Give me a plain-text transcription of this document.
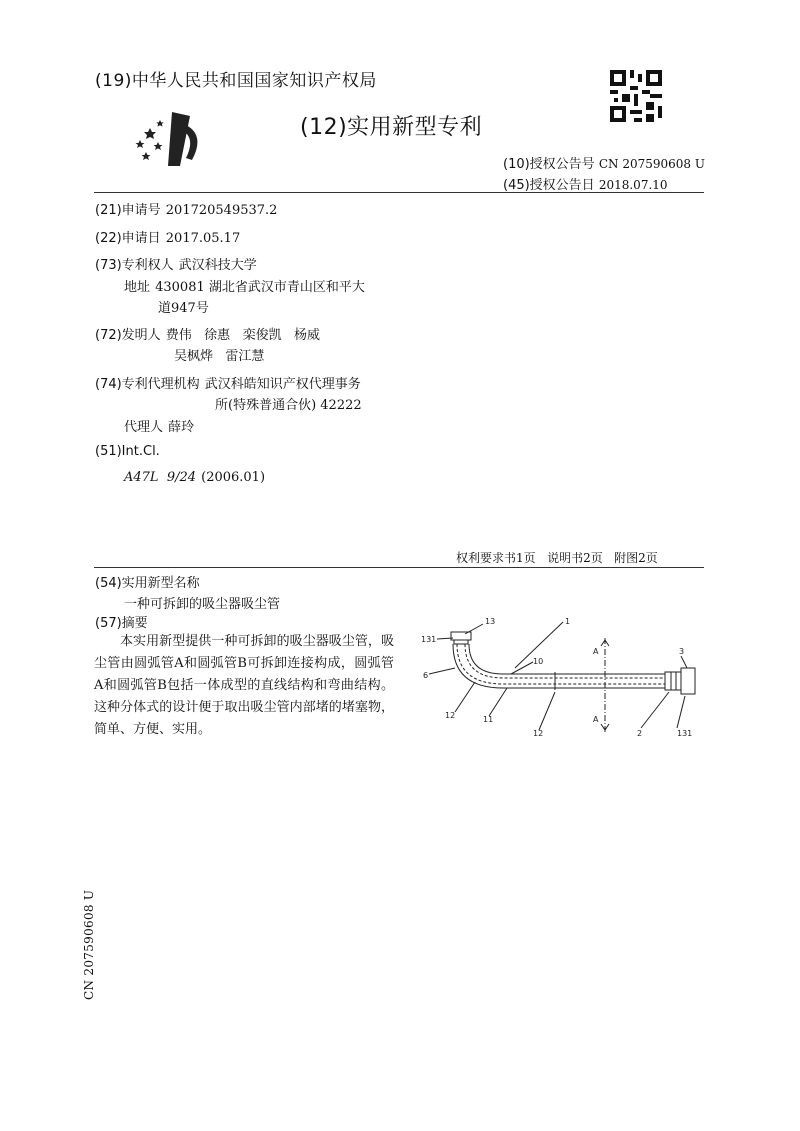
(19)中华人民共和国国家知识产权局
(12)实用新型专利
(10)授权公告号 CN 207590608 U
(45)授权公告日 2018.07.10
(21)申请号 201720549537.2
(22)申请日 2017.05.17
(73)专利权人 武汉科技大学
地址 430081 湖北省武汉市青山区和平大
道947号
(72)发明人 费伟   徐惠   栾俊凯   杨威
吴枫烨   雷江慧
(74)专利代理机构 武汉科皓知识产权代理事务
所(特殊普通合伙) 42222
代理人 薛玲
(51)Int.Cl.
A47L  9/24 (2006.01)
权利要求书1页   说明书2页   附图2页
(54)实用新型名称
一种可拆卸的吸尘器吸尘管
(57)摘要
本实用新型提供一种可拆卸的吸尘器吸尘管，吸尘管由圆弧管A和圆弧管B可拆卸连接构成，圆弧管A和圆弧管B包括一体成型的直线结构和弯曲结构。这种分体式的设计便于取出吸尘管内部堵的堵塞物，简单、方便、实用。
131
13	1
6
10
3
12	11
12	2	131
A
A
CN 207590608 U
